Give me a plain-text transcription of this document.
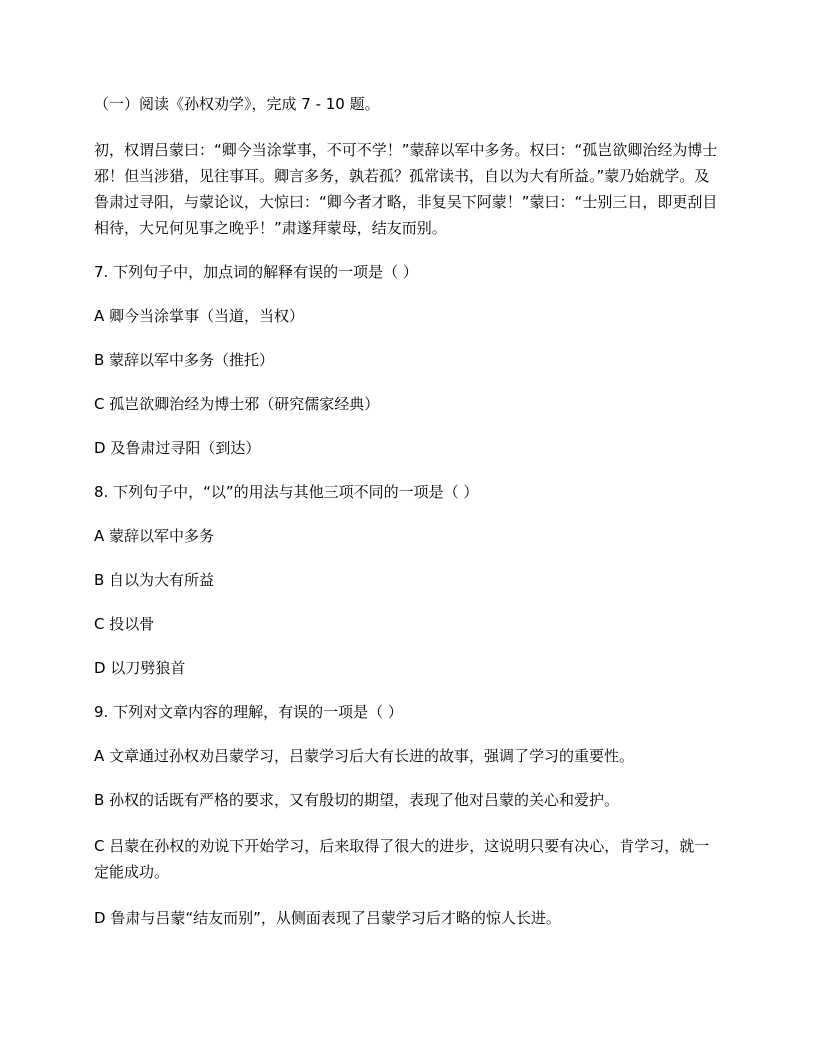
（一）阅读《孙权劝学》，完成 7 - 10 题。

初，权谓吕蒙曰：“卿今当涂掌事，不可不学！”蒙辞以军中多务。权曰：“孤岂欲卿治经为博士邪！但当涉猎，见往事耳。卿言多务，孰若孤？孤常读书，自以为大有所益。”蒙乃始就学。及鲁肃过寻阳，与蒙论议，大惊曰：“卿今者才略，非复吴下阿蒙！”蒙曰：“士别三日，即更刮目相待，大兄何见事之晚乎！”肃遂拜蒙母，结友而别。

7. 下列句子中，加点词的解释有误的一项是（ ）

A 卿今当涂掌事（当道，当权）

B 蒙辞以军中多务（推托）

C 孤岂欲卿治经为博士邪（研究儒家经典）

D 及鲁肃过寻阳（到达）

8. 下列句子中，“以”的用法与其他三项不同的一项是（ ）

A 蒙辞以军中多务

B 自以为大有所益

C 投以骨

D 以刀劈狼首

9. 下列对文章内容的理解，有误的一项是（ ）

A 文章通过孙权劝吕蒙学习，吕蒙学习后大有长进的故事，强调了学习的重要性。

B 孙权的话既有严格的要求，又有殷切的期望，表现了他对吕蒙的关心和爱护。

C 吕蒙在孙权的劝说下开始学习，后来取得了很大的进步，这说明只要有决心，肯学习，就一定能成功。

D 鲁肃与吕蒙“结友而别”，从侧面表现了吕蒙学习后才略的惊人长进。
